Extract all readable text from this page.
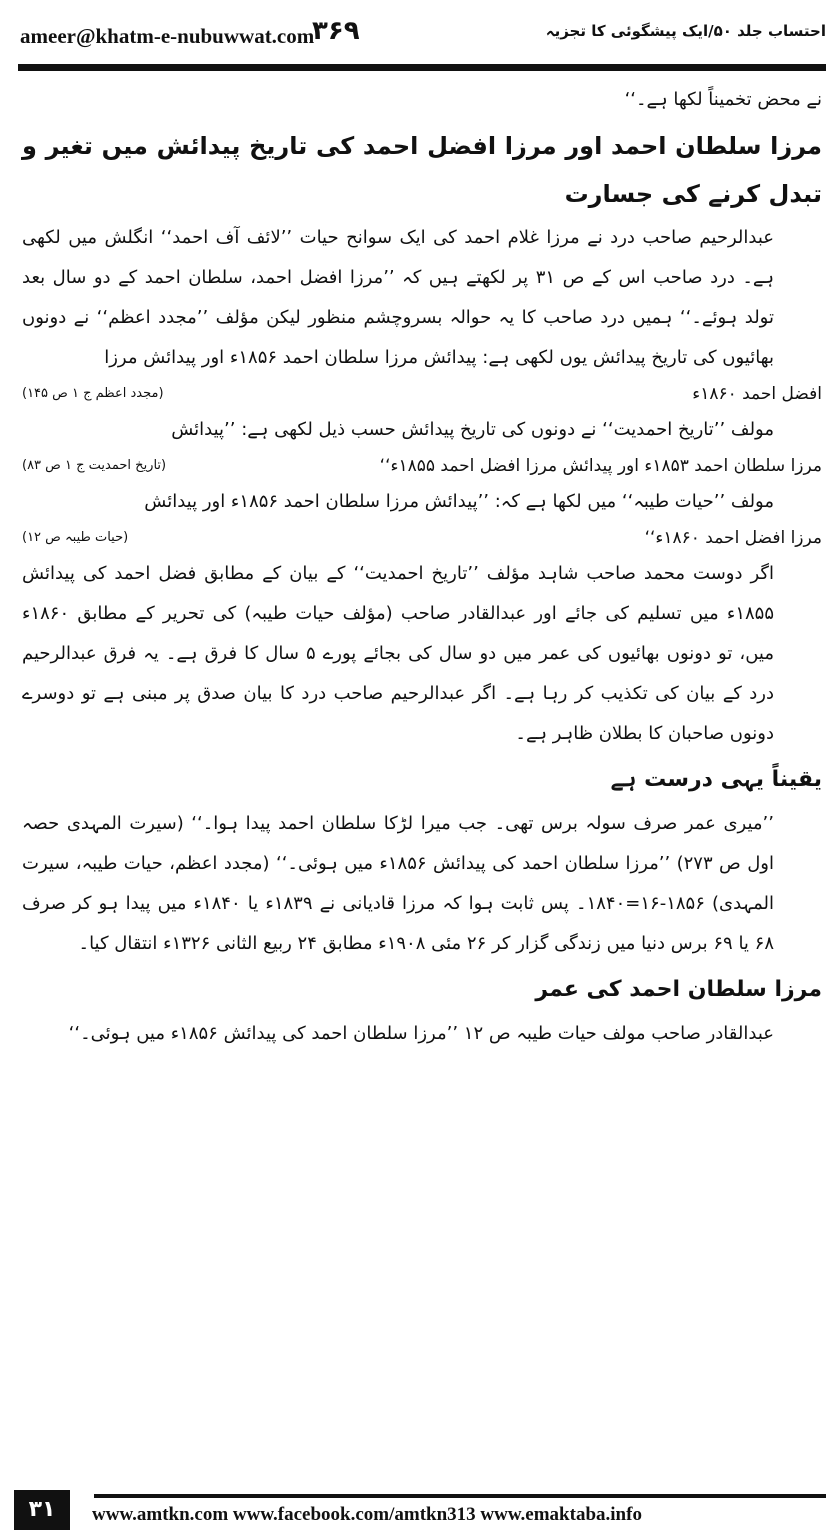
ameer@khatm-e-nubuwwat.com
۳۶۹	احتساب جلد ۵۰/ایک پیشگوئی کا تجزیہ

نے محض تخمیناً لکھا ہے۔‘‘

مرزا سلطان احمد اور مرزا افضل احمد کی تاریخ پیدائش میں تغیر و تبدل کرنے کی جسارت

عبدالرحیم صاحب درد نے مرزا غلام احمد کی ایک سوانح حیات ’’لائف آف احمد‘‘ انگلش میں لکھی ہے۔ درد صاحب اس کے ص ۳۱ پر لکھتے ہیں کہ ’’مرزا افضل احمد، سلطان احمد کے دو سال بعد تولد ہوئے۔‘‘ ہمیں درد صاحب کا یہ حوالہ بسروچشم منظور لیکن مؤلف ’’مجدد اعظم‘‘ نے دونوں بھائیوں کی تاریخ پیدائش یوں لکھی ہے: پیدائش مرزا سلطان احمد ۱۸۵۶ء اور پیدائش مرزا

افضل احمد ۱۸۶۰ء
(مجدد اعظم ج ۱ ص ۱۴۵)

مولف ’’تاریخ احمدیت‘‘ نے دونوں کی تاریخ پیدائش حسب ذیل لکھی ہے: ’’پیدائش

مرزا سلطان احمد ۱۸۵۳ء اور پیدائش مرزا افضل احمد ۱۸۵۵ء‘‘
(تاریخ احمدیت ج ۱ ص ۸۳)

مولف ’’حیات طیبہ‘‘ میں لکھا ہے کہ: ’’پیدائش مرزا سلطان احمد ۱۸۵۶ء اور پیدائش

مرزا افضل احمد ۱۸۶۰ء‘‘
(حیات طیبہ ص ۱۲)

اگر دوست محمد صاحب شاہد مؤلف ’’تاریخ احمدیت‘‘ کے بیان کے مطابق فضل احمد کی پیدائش ۱۸۵۵ء میں تسلیم کی جائے اور عبدالقادر صاحب (مؤلف حیات طیبہ) کی تحریر کے مطابق ۱۸۶۰ء میں، تو دونوں بھائیوں کی عمر میں دو سال کی بجائے پورے ۵ سال کا فرق ہے۔ یہ فرق عبدالرحیم درد کے بیان کی تکذیب کر رہا ہے۔ اگر عبدالرحیم صاحب درد کا بیان صدق پر مبنی ہے تو دوسرے دونوں صاحبان کا بطلان ظاہر ہے۔

یقیناً یہی درست ہے

’’میری عمر صرف سولہ برس تھی۔ جب میرا لڑکا سلطان احمد پیدا ہوا۔‘‘ (سیرت المہدی حصہ اول ص ۲۷۳) ’’مرزا سلطان احمد کی پیدائش ۱۸۵۶ء میں ہوئی۔‘‘ (مجدد اعظم، حیات طیبہ، سیرت المہدی) ۱۸۵۶-۱۶=۱۸۴۰۔ پس ثابت ہوا کہ مرزا قادیانی نے ۱۸۳۹ء یا ۱۸۴۰ء میں پیدا ہو کر صرف ۶۸ یا ۶۹ برس دنیا میں زندگی گزار کر ۲۶ مئی ۱۹۰۸ء مطابق ۲۴ ربیع الثانی ۱۳۲۶ء انتقال کیا۔

مرزا سلطان احمد کی عمر

عبدالقادر صاحب مولف حیات طیبہ ص ۱۲ ’’مرزا سلطان احمد کی پیدائش ۱۸۵۶ء میں ہوئی۔‘‘

۳۱	www.amtkn.com www.facebook.com/amtkn313 www.emaktaba.info
